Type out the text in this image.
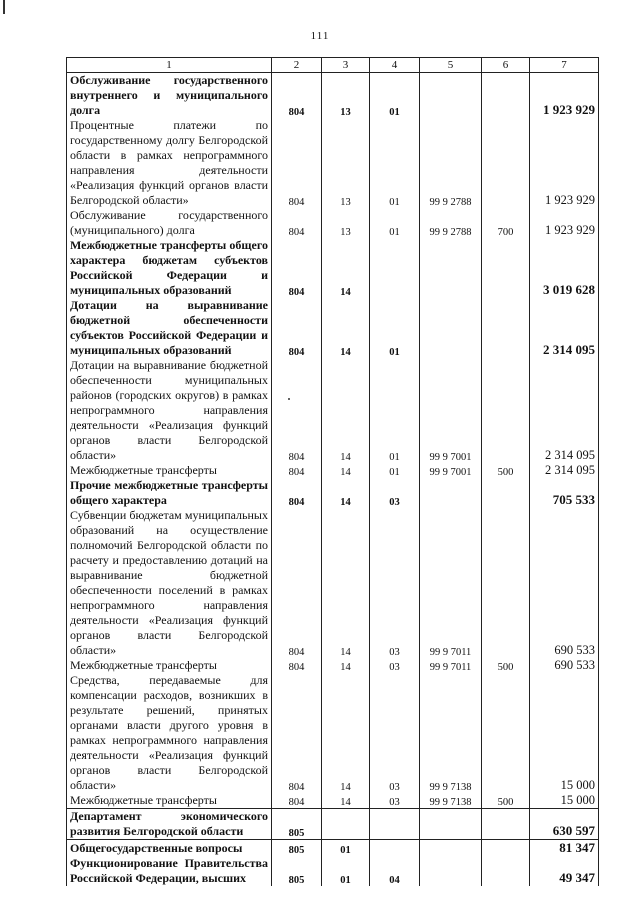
111
1	2	3	4	5	6	7
Обслуживание государственного внутреннего и муниципального долга	804	13	01			1 923 929
Процентные платежи по государственному долгу Белгородской области в рамках непрограммного направления деятельности «Реализация функций органов власти Белгородской области»	804	13	01	99 9 2788		1 923 929
Обслуживание государственного (муниципального) долга	804	13	01	99 9 2788	700	1 923 929
Межбюджетные трансферты общего характера бюджетам субъектов Российской Федерации и муниципальных образований	804	14				3 019 628
Дотации на выравнивание бюджетной обеспеченности субъектов Российской Федерации и муниципальных образований	804	14	01			2 314 095
Дотации на выравнивание бюджетной обеспеченности муниципальных районов (городских округов) в рамках непрограммного направления деятельности «Реализация функций органов власти Белгородской области»	804	14	01	99 9 7001		2 314 095
Межбюджетные трансферты	804	14	01	99 9 7001	500	2 314 095
Прочие межбюджетные трансферты общего характера	804	14	03			705 533
Субвенции бюджетам муниципальных образований на осуществление полномочий Белгородской области по расчету и предоставлению дотаций на выравнивание бюджетной обеспеченности поселений в рамках непрограммного направления деятельности «Реализация функций органов власти Белгородской области»	804	14	03	99 9 7011		690 533
Межбюджетные трансферты	804	14	03	99 9 7011	500	690 533
Средства, передаваемые для компенсации расходов, возникших в результате решений, принятых органами власти другого уровня в рамках непрограммного направления деятельности «Реализация функций органов власти Белгородской области»	804	14	03	99 9 7138		15 000
Межбюджетные трансферты	804	14	03	99 9 7138	500	15 000
Департамент экономического развития Белгородской области	805					630 597
Общегосударственные вопросы	805	01				81 347
Функционирование Правительства Российской Федерации, высших	805	01	04			49 347
